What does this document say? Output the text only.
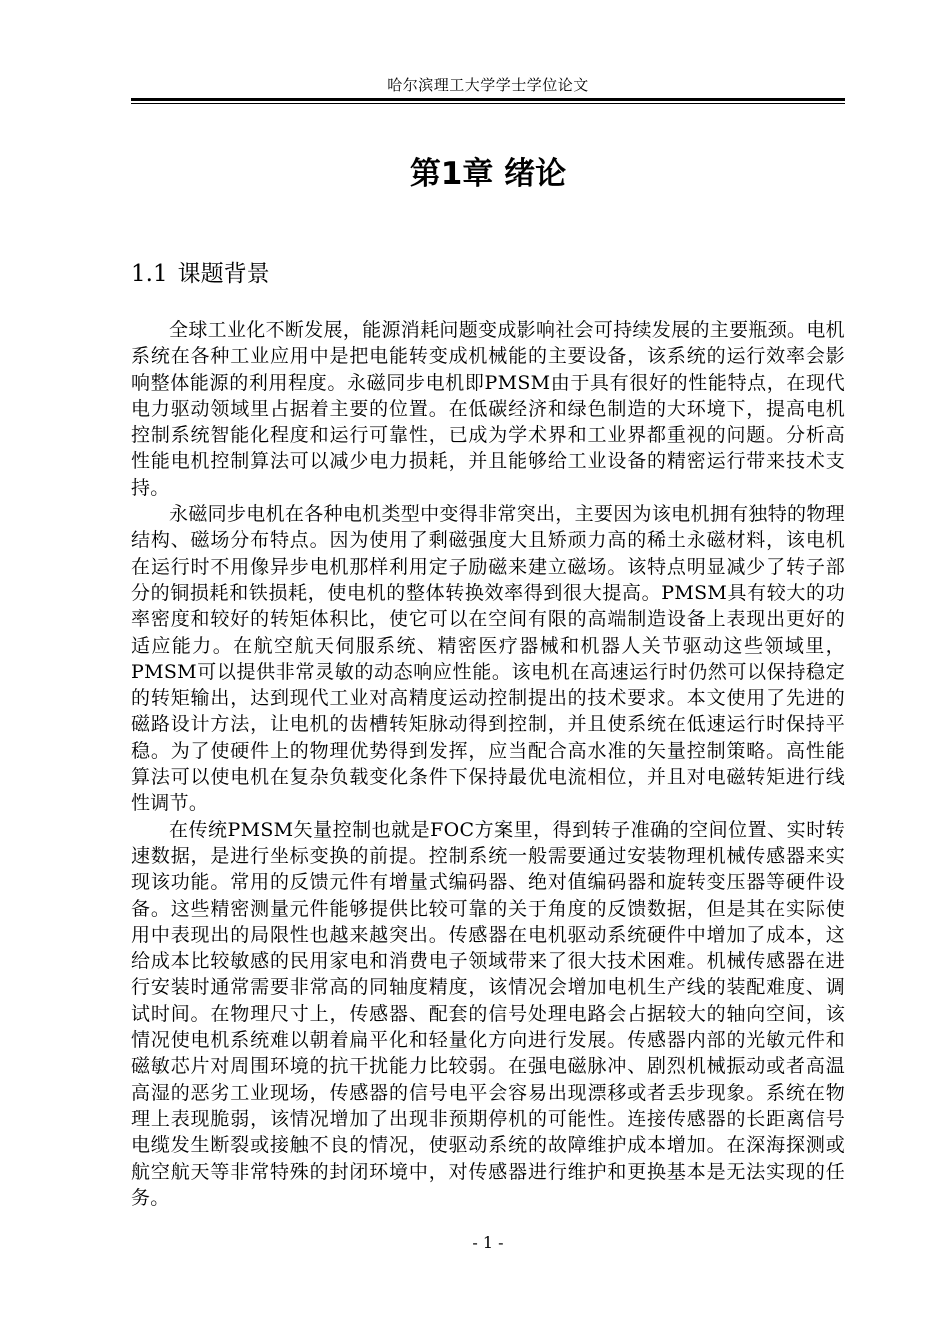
哈尔滨理工大学学士学位论文
第1章 绪论
1.1 课题背景

全球工业化不断发展，能源消耗问题变成影响社会可持续发展的主要瓶颈。电机系统在各种工业应用中是把电能转变成机械能的主要设备，该系统的运行效率会影响整体能源的利用程度。永磁同步电机即PMSM由于具有很好的性能特点，在现代电力驱动领域里占据着主要的位置。在低碳经济和绿色制造的大环境下，提高电机控制系统智能化程度和运行可靠性，已成为学术界和工业界都重视的问题。分析高性能电机控制算法可以减少电力损耗，并且能够给工业设备的精密运行带来技术支持。

永磁同步电机在各种电机类型中变得非常突出，主要因为该电机拥有独特的物理结构、磁场分布特点。因为使用了剩磁强度大且矫顽力高的稀土永磁材料，该电机在运行时不用像异步电机那样利用定子励磁来建立磁场。该特点明显减少了转子部分的铜损耗和铁损耗，使电机的整体转换效率得到很大提高。PMSM具有较大的功率密度和较好的转矩体积比，使它可以在空间有限的高端制造设备上表现出更好的适应能力。在航空航天伺服系统、精密医疗器械和机器人关节驱动这些领域里，PMSM可以提供非常灵敏的动态响应性能。该电机在高速运行时仍然可以保持稳定的转矩输出，达到现代工业对高精度运动控制提出的技术要求。本文使用了先进的磁路设计方法，让电机的齿槽转矩脉动得到控制，并且使系统在低速运行时保持平稳。为了使硬件上的物理优势得到发挥，应当配合高水准的矢量控制策略。高性能算法可以使电机在复杂负载变化条件下保持最优电流相位，并且对电磁转矩进行线性调节。

在传统PMSM矢量控制也就是FOC方案里，得到转子准确的空间位置、实时转速数据，是进行坐标变换的前提。控制系统一般需要通过安装物理机械传感器来实现该功能。常用的反馈元件有增量式编码器、绝对值编码器和旋转变压器等硬件设备。这些精密测量元件能够提供比较可靠的关于角度的反馈数据，但是其在实际使用中表现出的局限性也越来越突出。传感器在电机驱动系统硬件中增加了成本，这给成本比较敏感的民用家电和消费电子领域带来了很大技术困难。机械传感器在进行安装时通常需要非常高的同轴度精度，该情况会增加电机生产线的装配难度、调试时间。在物理尺寸上，传感器、配套的信号处理电路会占据较大的轴向空间，该情况使电机系统难以朝着扁平化和轻量化方向进行发展。传感器内部的光敏元件和磁敏芯片对周围环境的抗干扰能力比较弱。在强电磁脉冲、剧烈机械振动或者高温高湿的恶劣工业现场，传感器的信号电平会容易出现漂移或者丢步现象。系统在物理上表现脆弱，该情况增加了出现非预期停机的可能性。连接传感器的长距离信号电缆发生断裂或接触不良的情况，使驱动系统的故障维护成本增加。在深海探测或航空航天等非常特殊的封闭环境中，对传感器进行维护和更换基本是无法实现的任务。

- 1 -
